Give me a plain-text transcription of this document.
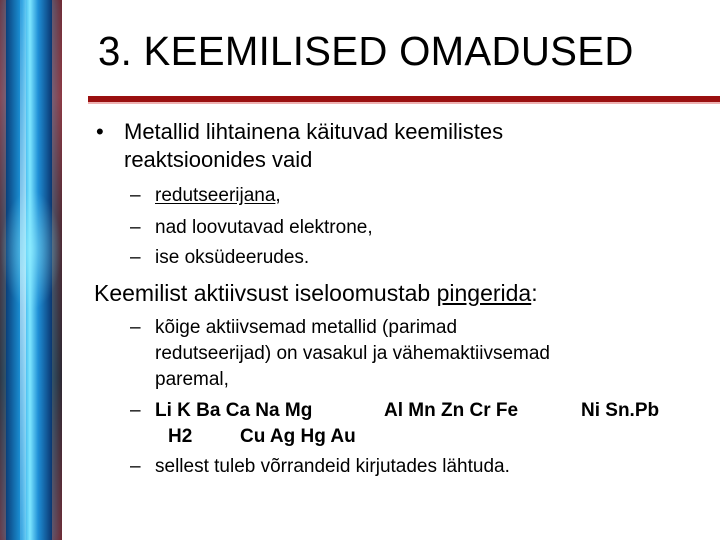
3. KEEMILISED OMADUSED
• Metallid lihtainena käituvad keemilistes
reaktsioonides vaid
– redutseerijana,
– nad loovutavad elektrone,
– ise oksüdeerudes.
Keemilist aktiivsust iseloomustab pingerida:
– kõige aktiivsemad metallid (parimad
redutseerijad) on vasakul ja vähemaktiivsemad
paremal,
– Li K Ba Ca Na Mg	Al Mn Zn Cr Fe	Ni Sn.Pb
H2	Cu Ag Hg Au
– sellest tuleb võrrandeid kirjutades lähtuda.
